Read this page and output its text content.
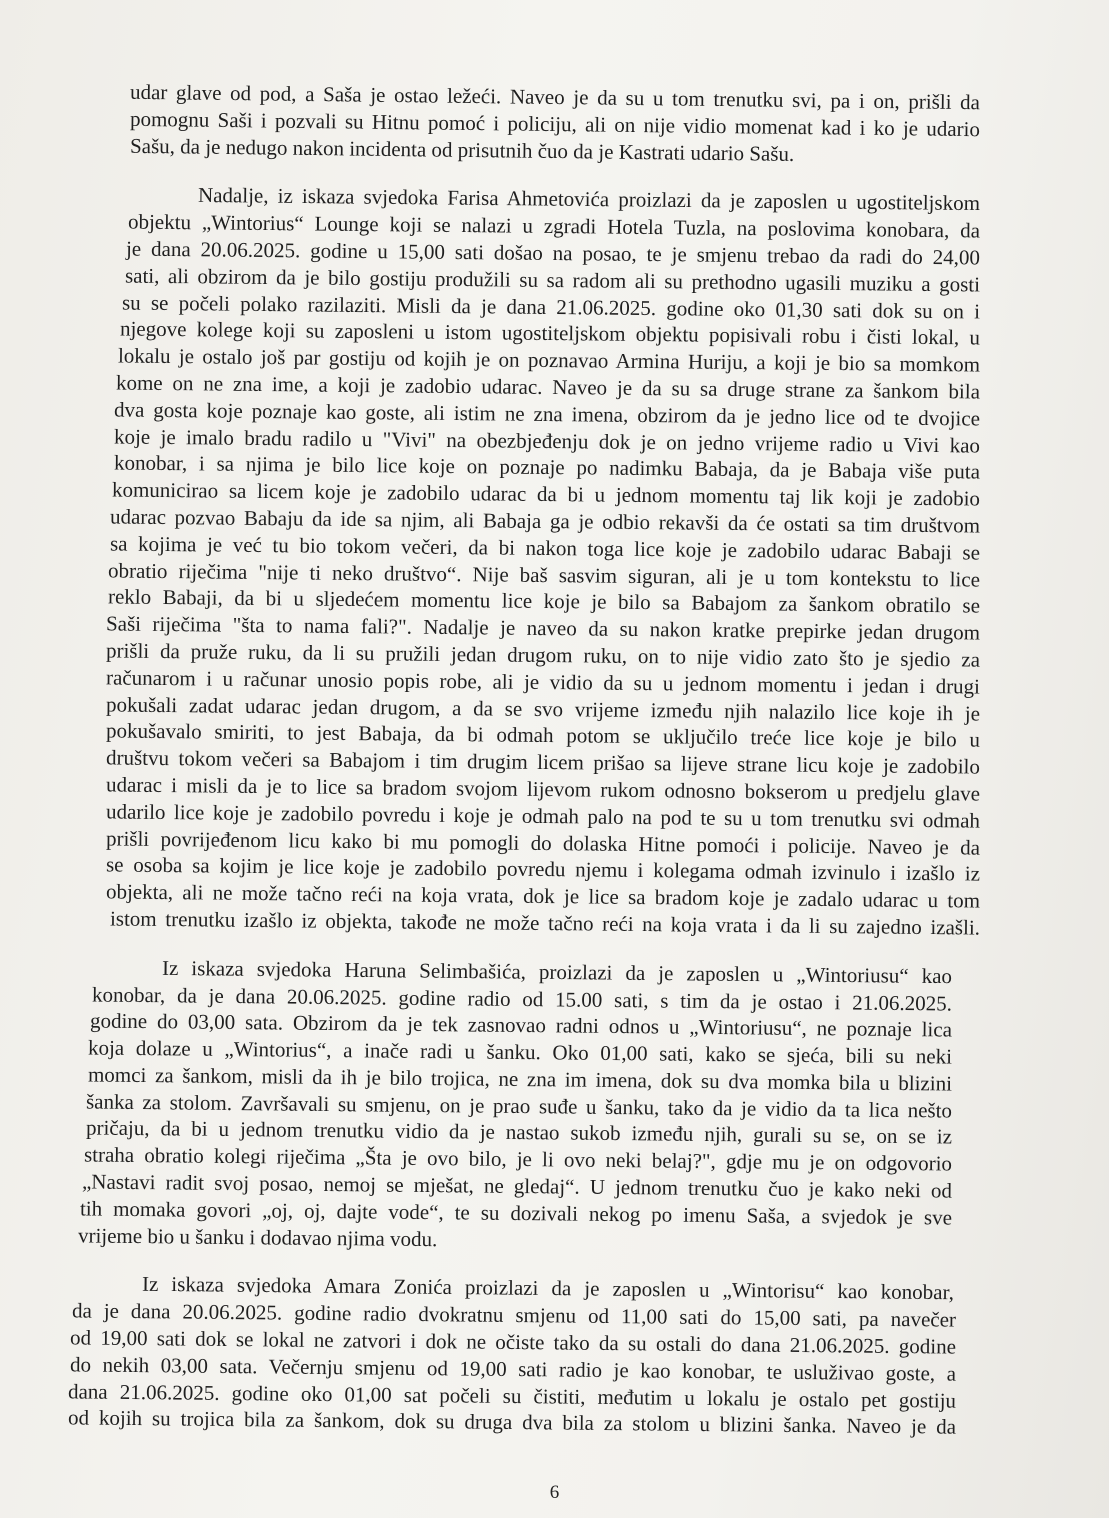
udar glave od pod, a Saša je ostao ležeći. Naveo je da su u tom trenutku svi, pa i on, prišli da
pomognu Saši i pozvali su Hitnu pomoć i policiju, ali on nije vidio momenat kad i ko je udario
Sašu, da je nedugo nakon incidenta od prisutnih čuo da je Kastrati udario Sašu.
Nadalje, iz iskaza svjedoka Farisa Ahmetovića proizlazi da je zaposlen u ugostiteljskom
objektu „Wintorius“ Lounge koji se nalazi u zgradi Hotela Tuzla, na poslovima konobara, da
je dana 20.06.2025. godine u 15,00 sati došao na posao, te je smjenu trebao da radi do 24,00
sati, ali obzirom da je bilo gostiju produžili su sa radom ali su prethodno ugasili muziku a gosti
su se počeli polako razilaziti. Misli da je dana 21.06.2025. godine oko 01,30 sati dok su on i
njegove kolege koji su zaposleni u istom ugostiteljskom objektu popisivali robu i čisti lokal, u
lokalu je ostalo još par gostiju od kojih je on poznavao Armina Huriju, a koji je bio sa momkom
kome on ne zna ime, a koji je zadobio udarac. Naveo je da su sa druge strane za šankom bila
dva gosta koje poznaje kao goste, ali istim ne zna imena, obzirom da je jedno lice od te dvojice
koje je imalo bradu radilo u "Vivi" na obezbjeđenju dok je on jedno vrijeme radio u Vivi kao
konobar, i sa njima je bilo lice koje on poznaje po nadimku Babaja, da je Babaja više puta
komunicirao sa licem koje je zadobilo udarac da bi u jednom momentu taj lik koji je zadobio
udarac pozvao Babaju da ide sa njim, ali Babaja ga je odbio rekavši da će ostati sa tim društvom
sa kojima je već tu bio tokom večeri, da bi nakon toga lice koje je zadobilo udarac Babaji se
obratio riječima "nije ti neko društvo“. Nije baš sasvim siguran, ali je u tom kontekstu to lice
reklo Babaji, da bi u sljedećem momentu lice koje je bilo sa Babajom za šankom obratilo se
Saši riječima "šta to nama fali?". Nadalje je naveo da su nakon kratke prepirke jedan drugom
prišli da pruže ruku, da li su pružili jedan drugom ruku, on to nije vidio zato što je sjedio za
računarom i u računar unosio popis robe, ali je vidio da su u jednom momentu i jedan i drugi
pokušali zadat udarac jedan drugom, a da se svo vrijeme između njih nalazilo lice koje ih je
pokušavalo smiriti, to jest Babaja, da bi odmah potom se uključilo treće lice koje je bilo u
društvu tokom večeri sa Babajom i tim drugim licem prišao sa lijeve strane licu koje je zadobilo
udarac i misli da je to lice sa bradom svojom lijevom rukom odnosno bokserom u predjelu glave
udarilo lice koje je zadobilo povredu i koje je odmah palo na pod te su u tom trenutku svi odmah
prišli povrijeđenom licu kako bi mu pomogli do dolaska Hitne pomoći i policije. Naveo je da
se osoba sa kojim je lice koje je zadobilo povredu njemu i kolegama odmah izvinulo i izašlo iz
objekta, ali ne može tačno reći na koja vrata, dok je lice sa bradom koje je zadalo udarac u tom
istom trenutku izašlo iz objekta, takođe ne može tačno reći na koja vrata i da li su zajedno izašli.
Iz iskaza svjedoka Haruna Selimbašića, proizlazi da je zaposlen u „Wintoriusu“ kao
konobar, da je dana 20.06.2025. godine radio od 15.00 sati, s tim da je ostao i 21.06.2025.
godine do 03,00 sata. Obzirom da je tek zasnovao radni odnos u „Wintoriusu“, ne poznaje lica
koja dolaze u „Wintorius“, a inače radi u šanku. Oko 01,00 sati, kako se sjeća, bili su neki
momci za šankom, misli da ih je bilo trojica, ne zna im imena, dok su dva momka bila u blizini
šanka za stolom. Završavali su smjenu, on je prao suđe u šanku, tako da je vidio da ta lica nešto
pričaju, da bi u jednom trenutku vidio da je nastao sukob između njih, gurali su se, on se iz
straha obratio kolegi riječima „Šta je ovo bilo, je li ovo neki belaj?", gdje mu je on odgovorio
„Nastavi radit svoj posao, nemoj se mješat, ne gledaj“. U jednom trenutku čuo je kako neki od
tih momaka govori „oj, oj, dajte vode“, te su dozivali nekog po imenu Saša, a svjedok je sve
vrijeme bio u šanku i dodavao njima vodu.
Iz iskaza svjedoka Amara Zonića proizlazi da je zaposlen u „Wintorisu“ kao konobar,
da je dana 20.06.2025. godine radio dvokratnu smjenu od 11,00 sati do 15,00 sati, pa navečer
od 19,00 sati dok se lokal ne zatvori i dok ne očiste tako da su ostali do dana 21.06.2025. godine
do nekih 03,00 sata. Večernju smjenu od 19,00 sati radio je kao konobar, te usluživao goste, a
dana 21.06.2025. godine oko 01,00 sat počeli su čistiti, međutim u lokalu je ostalo pet gostiju
od kojih su trojica bila za šankom, dok su druga dva bila za stolom u blizini šanka. Naveo je da
6
